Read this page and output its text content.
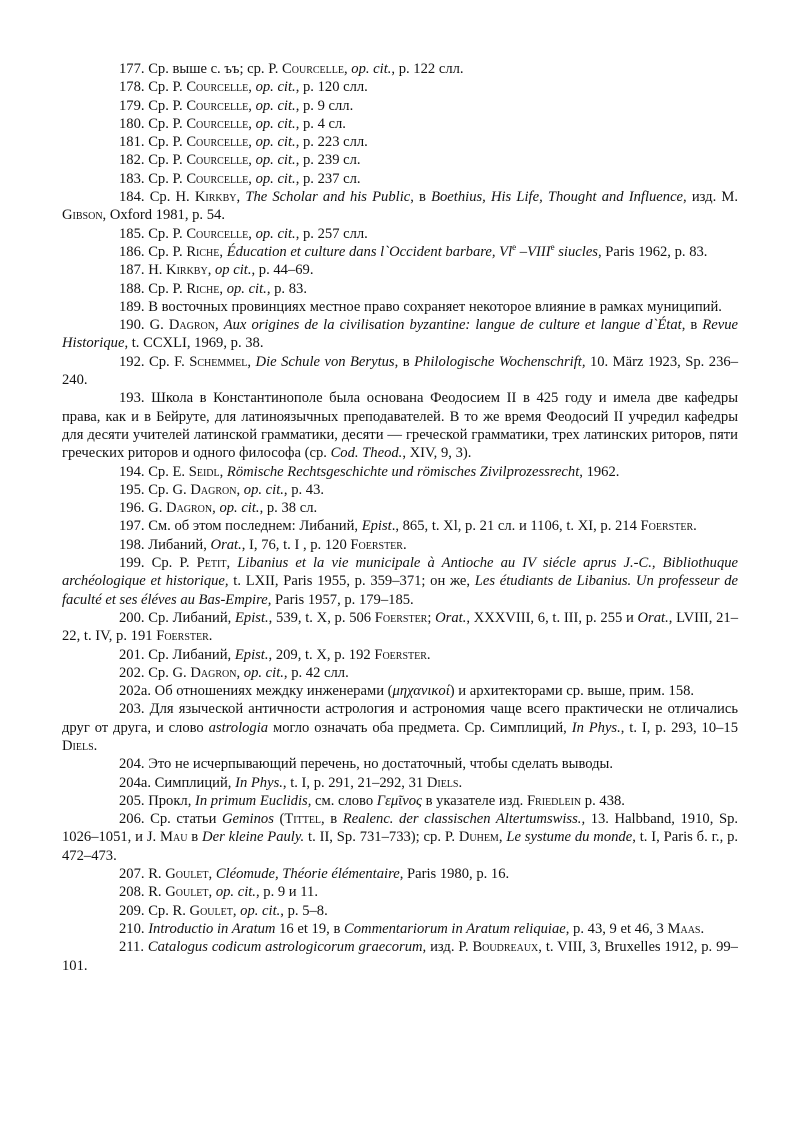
177. Ср. выше с. ъъ; ср. P. Courcelle, op. cit., p. 122 слл.

178. Ср. P. Courcelle, op. cit., p. 120 слл.

179. Ср. P. Courcelle, op. cit., p. 9 слл.

180. Ср. P. Courcelle, op. cit., p. 4 сл.

181. Ср. P. Courcelle, op. cit., p. 223 слл.

182. Ср. P. Courcelle, op. cit., p. 239 сл.

183. Ср. P. Courcelle, op. cit., p. 237 сл.

184. Ср. H. Kirkby, The Scholar and his Public, в Boethius, His Life, Thought and Influence, изд. M. Gibson, Oxford 1981, p. 54.

185. Ср. P. Courcelle, op. cit., p. 257 слл.

186. Ср. P. Riche, Éducation et culture dans l`Occident barbare, Vl$^e$ –VIIIe siucles, Paris 1962, p. 83.

187. H. Kirkby, op cit., p. 44–69.

188. Ср. P. Riche, op. cit., p. 83.

189. В восточных провинциях местное право сохраняет некоторое влияние в рамках муниципий.

190. G. Dagron, Aux origines de la civilisation byzantine: langue de culture et langue d`État, в Revue Historique, t. CCXLI, 1969, p. 38.

192. Ср. F. Schemmel, Die Schule von Berytus, в Philologische Wochenschrift, 10. März 1923, Sp. 236–240.

193. Школа в Константинополе была основана Феодосием II в 425 году и имела две кафедры права, как и в Бейруте, для латиноязычных преподавателей. В то же время Феодосий II учредил кафедры для десяти учителей латинской грамматики, десяти — греческой грамматики, трех латинских риторов, пяти греческих риторов и одного философа (ср. Cod. Theod., XIV, 9, 3).

194. Ср. E. Seidl, Römische Rechtsgeschichte und römisches Zivilprozessrecht, 1962.

195. Ср. G. Dagron, op. cit., p. 43.

196. G. Dagron, op. cit., p. 38 сл.

197. См. об этом последнем: Либаний, Epist., 865, t. Xl, p. 21 сл. и 1106, t. XI, p. 214 Foerster.

198. Либаний, Orat., I, 76, t. I , p. 120 Foerster.

199. Ср. P. Petit, Libanius et la vie municipale à Antioche au IV siécle aprus J.-C., Bibliothuque archéologique et historique, t. LXII, Paris 1955, p. 359–371; он же, Les étudiants de Libanius. Un professeur de faculté et ses éléves au Bas-Empire, Paris 1957, p. 179–185.

200. Ср. Либаний, Epist., 539, t. X, p. 506 Foerster; Orat., XXXVIII, 6, t. III, p. 255 и Orat., LVIII, 21–22, t. IV, p. 191 Foerster.

201. Ср. Либаний, Epist., 209, t. X, p. 192 Foerster.

202. Ср. G. Dagron, op. cit., p. 42 слл.

202а. Об отношениях междку инженерами (μηχανικοί) и архитекторами ср. выше, прим. 158.

203. Для языческой античности астрология и астрономия чаще всего практически не отличались друг от друга, и слово astrologia могло означать оба предмета. Ср. Симплиций, In Phys., t. I, p. 293, 10–15 Diels.

204. Это не исчерпывающий перечень, но достаточный, чтобы сделать выводы.

204а. Симплиций, In Phys., t. I, p. 291, 21–292, 31 Diels.

205. Прокл, In primum Euclidis, см. слово Γεμῖνος в указателе изд. Friedlein p. 438.

206. Ср. статьи Geminos (Tittel, в Realenc. der classischen Altertumswiss., 13. Halbband, 1910, Sp. 1026–1051, и J. Mau в Der kleine Pauly. t. II, Sp. 731–733); ср. P. Duhem, Le systume du monde, t. I, Paris б. г., p. 472–473.

207. R. Goulet, Cléomude, Théorie élémentaire, Paris 1980, p. 16.

208. R. Goulet, op. cit., p. 9 и 11.

209. Ср. R. Goulet, op. cit., p. 5–8.

210. Introductio in Aratum 16 et 19, в Commentariorum in Aratum reliquiae, p. 43, 9 et 46, 3 Maas.

211. Catalogus codicum astrologicorum graecorum, изд. P. Boudreaux, t. VIII, 3, Bruxelles 1912, p. 99–101.
